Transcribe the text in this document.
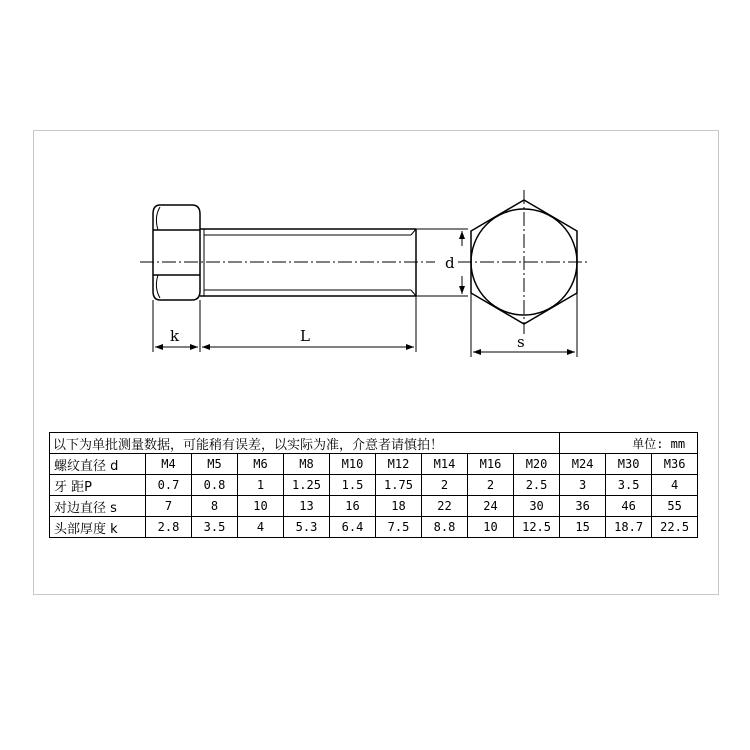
d
k	L	s
以下为单批测量数据，可能稍有误差，以实际为准，介意者请慎拍！										单位: mm		
螺纹直径 d	M4	M5	M6	M8	M10	M12	M14	M16	M20	M24	M30	M36
牙 距P	0.7	0.8	1	1.25	1.5	1.75	2	2	2.5	3	3.5	4
对边直径 s	7	8	10	13	16	18	22	24	30	36	46	55
头部厚度 k	2.8	3.5	4	5.3	6.4	7.5	8.8	10	12.5	15	18.7	22.5
